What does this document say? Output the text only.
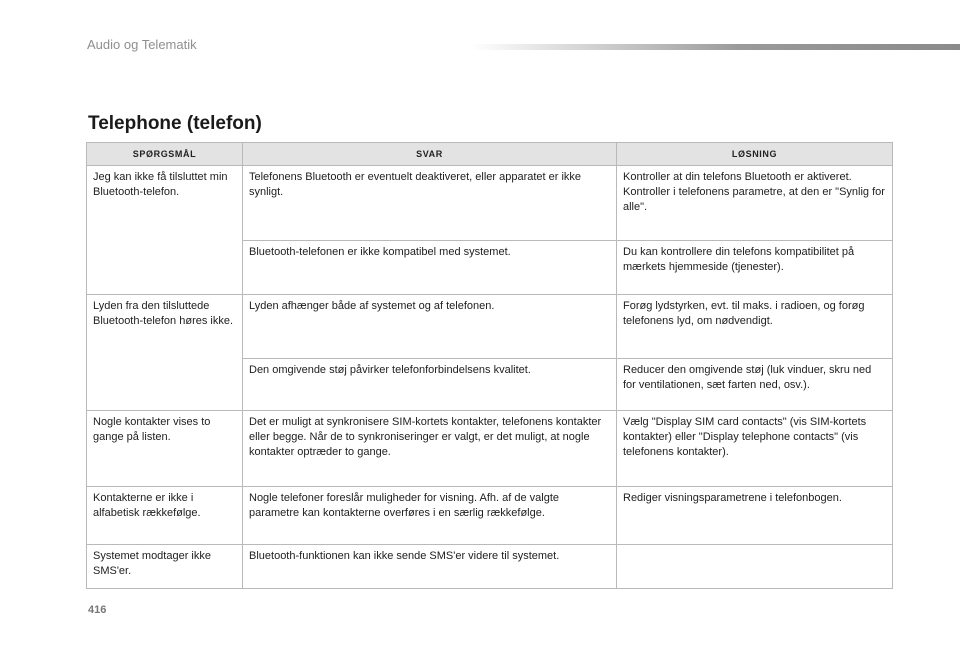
Audio og Telematik
Telephone (telefon)
SPØRGSMÅL	SVAR	LØSNING
Jeg kan ikke få tilsluttet min Bluetooth-telefon.	Telefonens Bluetooth er eventuelt deaktiveret, eller apparatet er ikke synligt.	Kontroller at din telefons Bluetooth er aktiveret. Kontroller i telefonens parametre, at den er "Synlig for alle".
	Bluetooth-telefonen er ikke kompatibel med systemet.	Du kan kontrollere din telefons kompatibilitet på mærkets hjemmeside (tjenester).
Lyden fra den tilsluttede Bluetooth-telefon høres ikke.	Lyden afhænger både af systemet og af telefonen.	Forøg lydstyrken, evt. til maks. i radioen, og forøg telefonens lyd, om nødvendigt.
	Den omgivende støj påvirker telefonforbindelsens kvalitet.	Reducer den omgivende støj (luk vinduer, skru ned for ventilationen, sæt farten ned, osv.).
Nogle kontakter vises to gange på listen.	Det er muligt at synkronisere SIM-kortets kontakter, telefonens kontakter eller begge. Når de to synkroniseringer er valgt, er det muligt, at nogle kontakter optræder to gange.	Vælg "Display SIM card contacts" (vis SIM-kortets kontakter) eller "Display telephone contacts" (vis telefonens kontakter).
Kontakterne er ikke i alfabetisk rækkefølge.	Nogle telefoner foreslår muligheder for visning. Afh. af de valgte parametre kan kontakterne overføres i en særlig rækkefølge.	Rediger visningsparametrene i telefonbogen.
Systemet modtager ikke SMS'er.	Bluetooth-funktionen kan ikke sende SMS'er videre til systemet.	
416
